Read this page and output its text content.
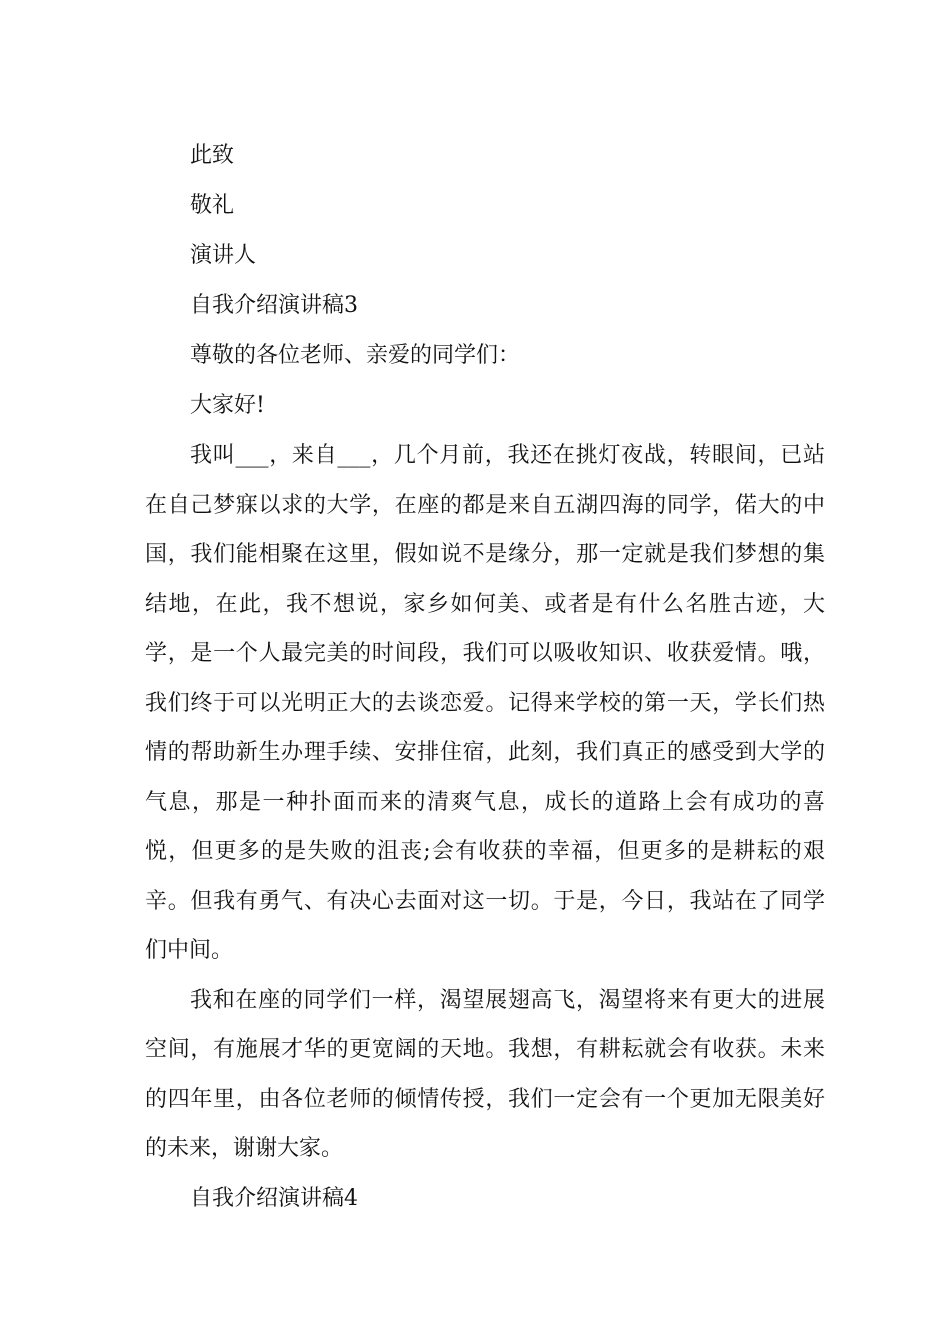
此致

敬礼

演讲人

自我介绍演讲稿3

尊敬的各位老师、亲爱的同学们：

大家好!

我叫___，来自___，几个月前，我还在挑灯夜战，转眼间，已站在自己梦寐以求的大学，在座的都是来自五湖四海的同学，偌大的中国，我们能相聚在这里，假如说不是缘分，那一定就是我们梦想的集结地，在此，我不想说，家乡如何美、或者是有什么名胜古迹，大学，是一个人最完美的时间段，我们可以吸收知识、收获爱情。哦，我们终于可以光明正大的去谈恋爱。记得来学校的第一天，学长们热情的帮助新生办理手续、安排住宿，此刻，我们真正的感受到大学的气息，那是一种扑面而来的清爽气息，成长的道路上会有成功的喜悦，但更多的是失败的沮丧;会有收获的幸福，但更多的是耕耘的艰辛。但我有勇气、有决心去面对这一切。于是，今日，我站在了同学们中间。

我和在座的同学们一样，渴望展翅高飞，渴望将来有更大的进展空间，有施展才华的更宽阔的天地。我想，有耕耘就会有收获。未来的四年里，由各位老师的倾情传授，我们一定会有一个更加无限美好的未来，谢谢大家。

自我介绍演讲稿4
